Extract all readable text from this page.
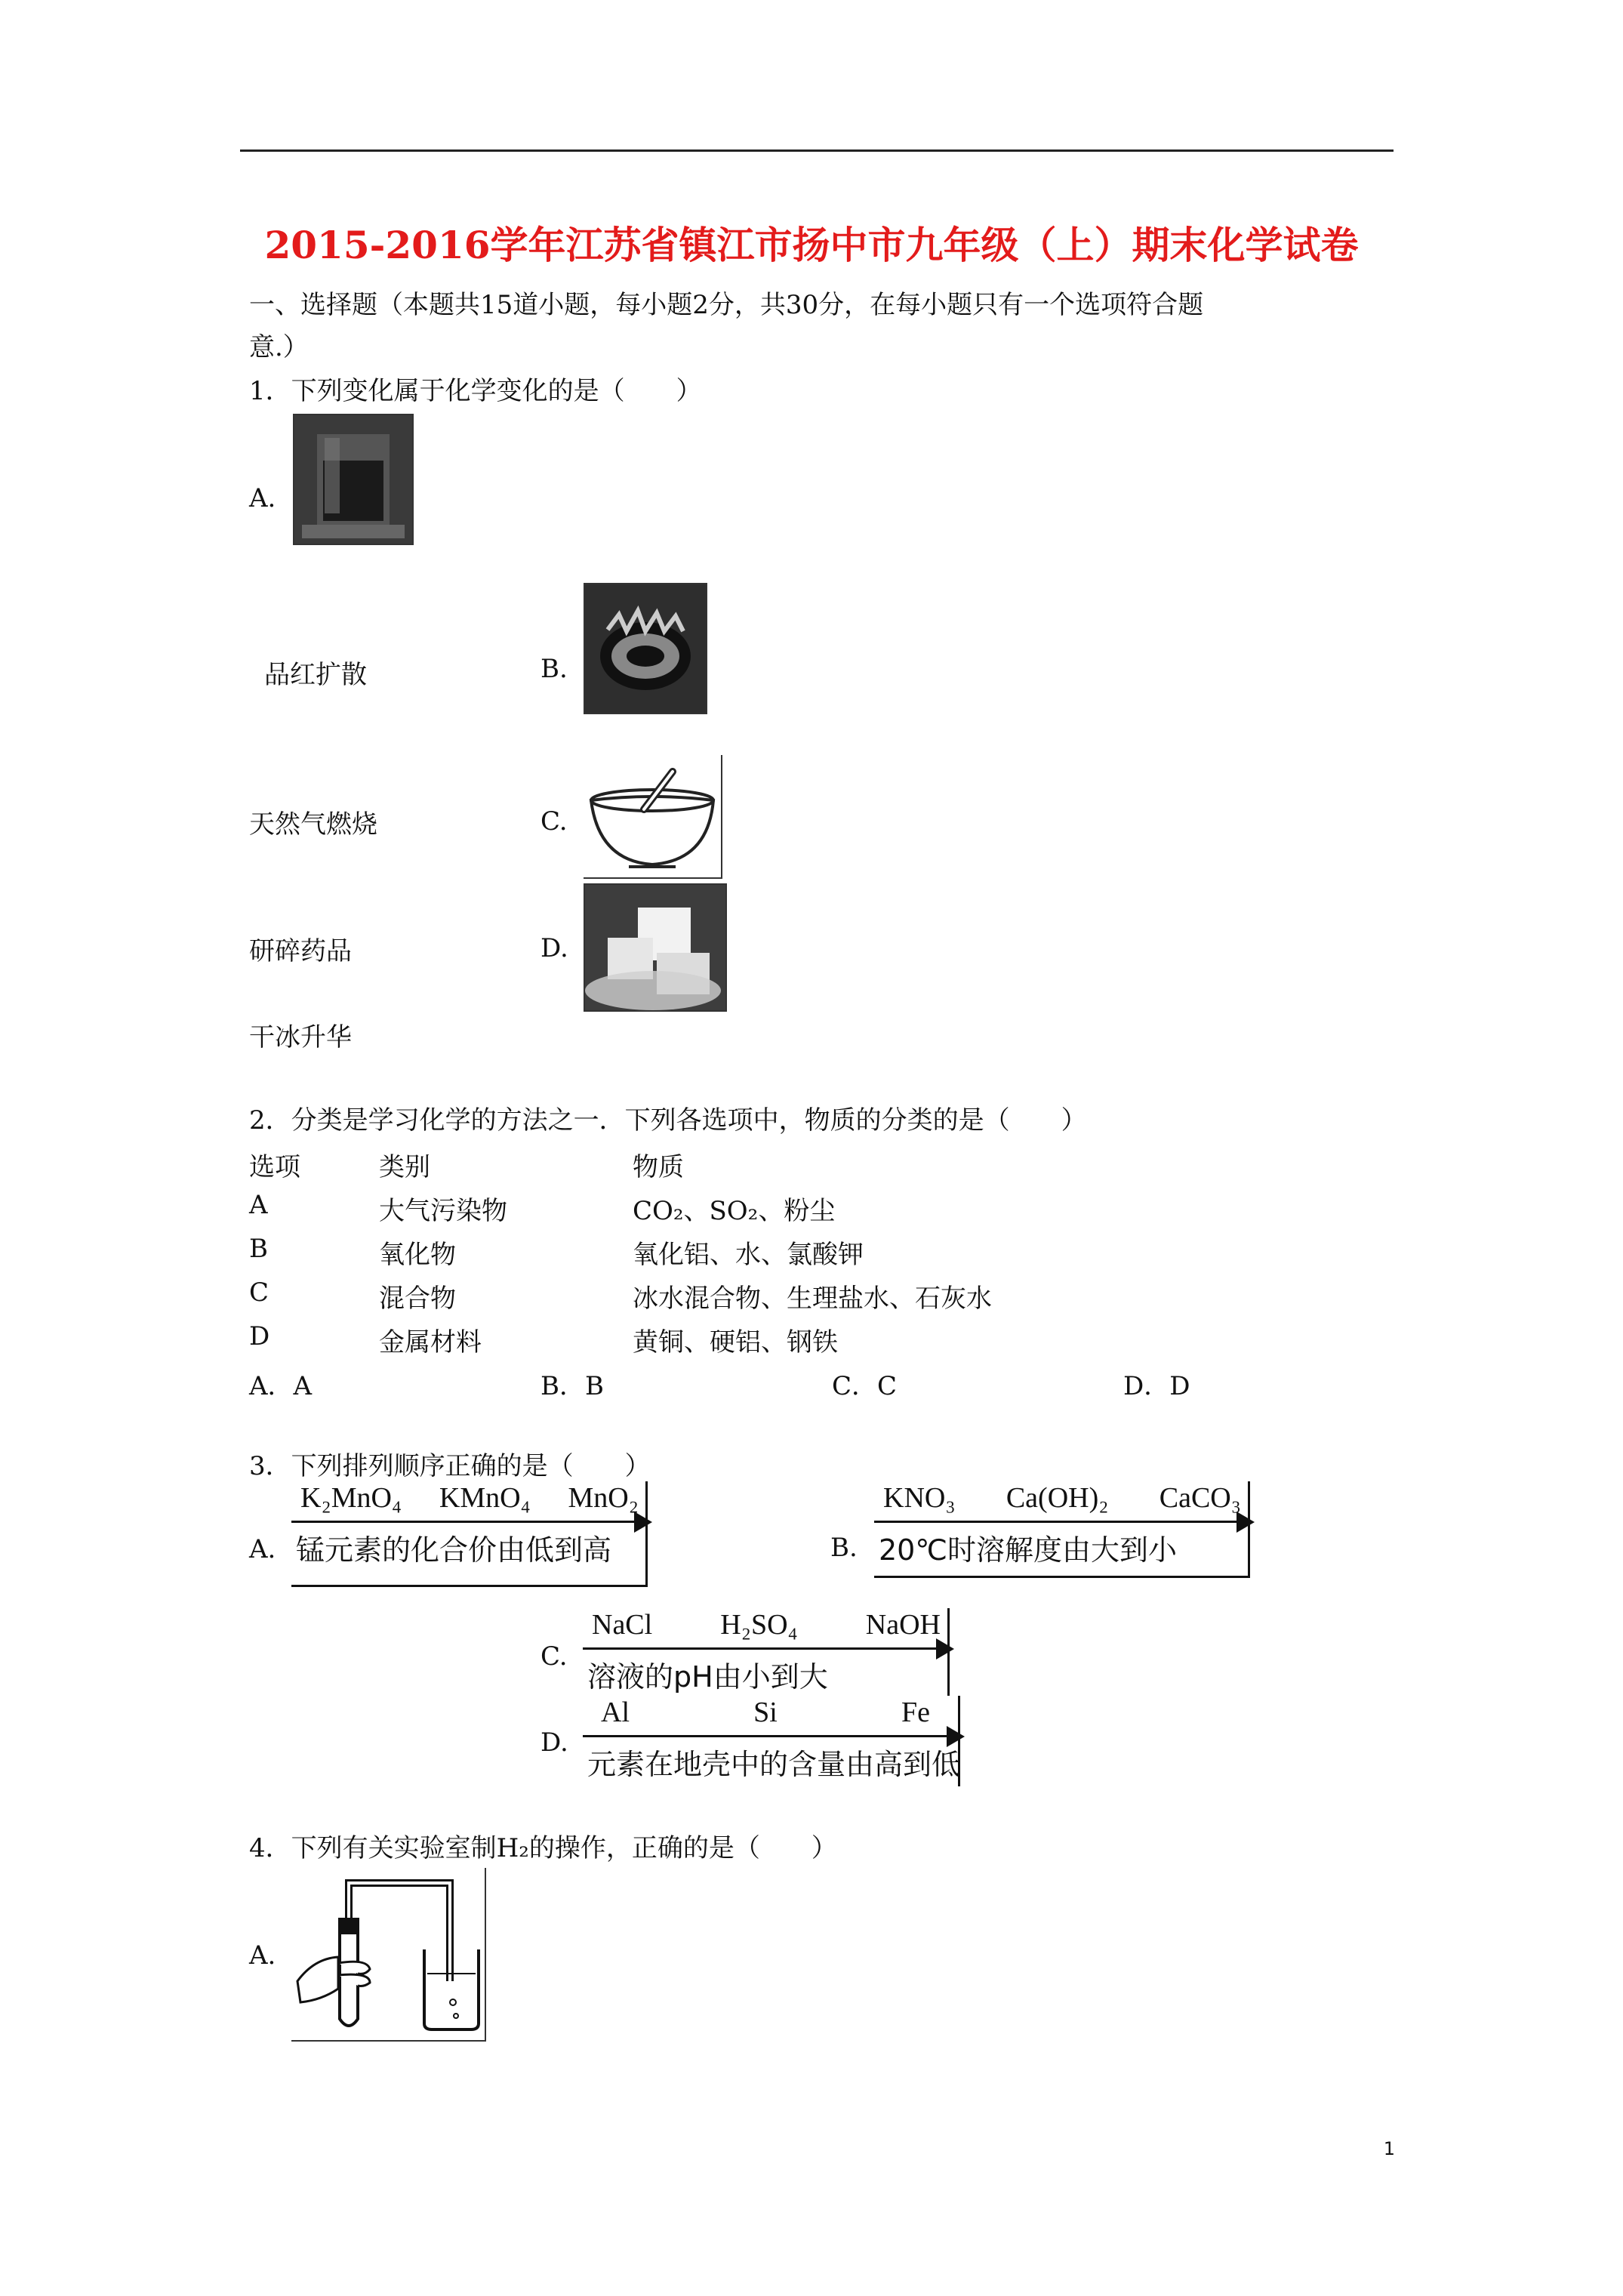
2015-2016学年江苏省镇江市扬中市九年级（上）期末化学试卷
一、选择题（本题共15道小题，每小题2分，共30分，在每小题只有一个选项符合题
意.）
1．下列变化属于化学变化的是（　　）
A.
品红扩散	B.
天然气燃烧	C.
研碎药品	D.
干冰升华
2．分类是学习化学的方法之一．下列各选项中，物质的分类的是（　　）
选项	类别	物质
A	大气污染物	CO₂、SO₂、粉尘
B	氧化物	氧化铝、水、氯酸钾
C	混合物	冰水混合物、生理盐水、石灰水
D	金属材料	黄铜、硬铝、钢铁
A．A	B．B	C．C	D．D
3．下列排列顺序正确的是（　　）
A.
K₂MnO₄ KMnO₄ MnO₂
锰元素的化合价由低到高	B.
KNO₃ Ca(OH)₂ CaCO₃
20℃时溶解度由大到小
C.
NaCl H₂SO₄ NaOH
溶液的pH由小到大
D.
Al	Si	Fe
元素在地壳中的含量由高到低
4．下列有关实验室制H₂的操作，正确的是（　　）
A.
1
